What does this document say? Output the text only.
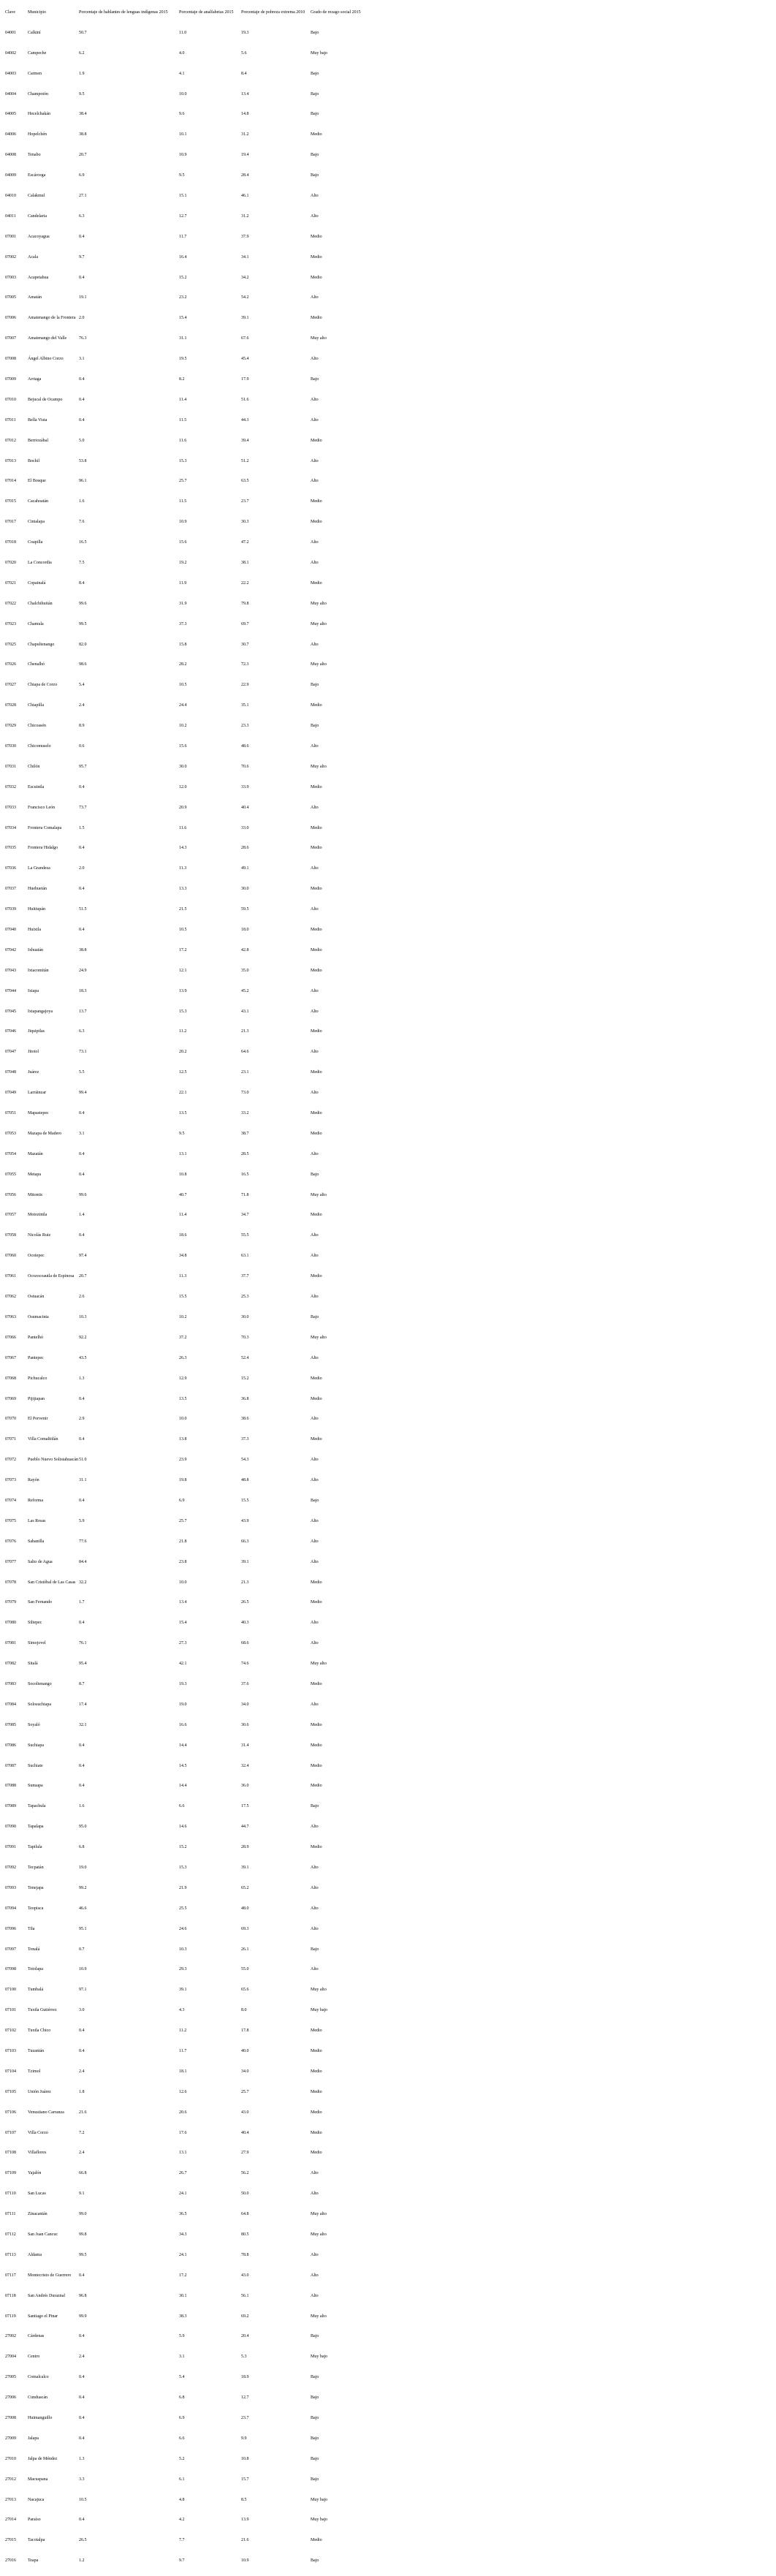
Clave	Municipio	Porcentaje de hablantes de lenguas indígenas 2015	Porcentaje de analfabetas 2015	Porcentaje de pobreza extrema 2010	Grado de rezago social 2015
04001	Calkiní	50.7	11.0	19.3	Bajo
04002	Campeche	6.2	4.0	5.6	Muy bajo
04003	Carmen	1.9	4.1	8.4	Bajo
04004	Champotón	9.5	10.0	13.4	Bajo
04005	Hecelchakán	38.4	9.6	14.8	Bajo
04006	Hopelchén	38.8	10.1	31.2	Medio
04008	Tenabo	20.7	10.9	19.4	Bajo
04009	Escárcega	6.9	9.5	28.4	Bajo
04010	Calakmul	27.1	15.1	46.1	Alto
04011	Candelaria	6.3	12.7	31.2	Alto
07001	Acacoyagua	0.4	11.7	37.9	Medio
07002	Acala	9.7	16.4	34.1	Medio
07003	Acapetahua	0.4	15.2	34.2	Medio
07005	Amatán	19.1	23.2	54.2	Alto
07006	Amatenango de la Frontera 2.0	15.4	39.1	Medio
07007	Amatenango del Valle	76.3	31.1	67.6	Muy alto
07008	Ángel Albino Corzo	3.1	19.5	45.4	Alto
07009	Arriaga	0.4	8.2	17.9	Bajo
07010	Bejucal de Ocampo	0.4	11.4	51.6	Alto
07011	Bella Vista	0.4	11.5	44.3	Alto
07012	Berriozábal	5.0	11.6	39.4	Medio
07013	Bochil	53.8	15.3	51.2	Alto
07014	El Bosque	96.1	25.7	63.5	Alto
07015	Cacahoatán	1.6	11.5	23.7	Medio
07017	Cintalapa	7.6	10.9	30.3	Medio
07018	Coapilla	16.5	15.6	47.2	Alto
07020	La Concordia	7.5	19.2	38.1	Alto
07021	Copainalá	8.4	11.9	22.2	Medio
07022	Chalchihuitán	99.6	31.9	79.8	Muy alto
07023	Chamula	99.5	37.3	69.7	Muy alto
07025	Chapultenango	82.0	15.8	30.7	Alto
07026	Chenalhó	98.6	28.2	72.3	Muy alto
07027	Chiapa de Corzo	5.4	10.5	22.9	Bajo
07028	Chiapilla	2.4	24.4	35.1	Medio
07029	Chicoasén	8.9	10.2	23.3	Bajo
07030	Chicomuselo	0.6	15.6	48.6	Alto
07031	Chilón	95.7	30.0	70.6	Muy alto
07032	Escuintla	0.4	12.0	33.9	Medio
07033	Francisco León	73.7	20.9	40.4	Alto
07034	Frontera Comalapa	1.5	11.6	33.0	Medio
07035	Frontera Hidalgo	0.4	14.3	28.6	Medio
07036	La Grandeza	2.0	11.3	49.1	Alto
07037	Huehuetán	0.4	13.3	30.0	Medio
07039	Huitiupán	51.5	21.5	59.5	Alto
07040	Huixtla	0.4	10.5	18.0	Medio
07042	Ixhuatán	38.8	17.2	42.8	Medio
07043	Ixtacomitán	24.9	12.1	35.0	Medio
07044	Ixtapa	18.3	13.9	45.2	Alto
07045	Ixtapangajoya	13.7	15.3	43.1	Alto
07046	Jiquipilas	6.3	11.2	21.3	Medio
07047	Jitotol	73.1	20.2	64.6	Alto
07048	Juárez	5.5	12.5	23.1	Medio
07049	Larráinzar	99.4	22.1	73.0	Alto
07051	Mapastepec	0.4	13.5	33.2	Medio
07053	Mazapa de Madero	3.1	9.5	38.7	Medio
07054	Mazatán	0.4	13.1	28.5	Alto
07055	Metapa	0.4	10.8	16.5	Bajo
07056	Mitontic	99.6	40.7	71.8	Muy alto
07057	Motozintla	1.4	11.4	34.7	Medio
07058	Nicolás Ruiz	0.4	18.6	55.5	Alto
07060	Ocotepec	97.4	34.8	63.1	Alto
07061	Ocozocoautla de Espinosa	20.7	11.3	37.7	Medio
07062	Ostuacán	2.6	15.5	25.3	Alto
07063	Osumacinta	10.3	10.2	30.0	Bajo
07066	Pantelhó	92.2	37.2	70.3	Muy alto
07067	Pantepec	43.5	26.3	52.4	Alto
07068	Pichucalco	1.3	12.9	15.2	Medio
07069	Pijijiapan	0.4	13.5	36.8	Medio
07070	El Porvenir	2.9	10.0	38.6	Alto
07071	Villa Comaltitlán	0.4	13.8	37.3	Medio
07072	Pueblo Nuevo Solistahuacán 51.0	23.9	54.3	Alto
07073	Rayón	31.1	19.8	48.8	Alto
07074	Reforma	0.4	6.9	15.5	Bajo
07075	Las Rosas	5.9	25.7	43.9	Alto
07076	Sabanilla	77.6	21.8	66.3	Alto
07077	Salto de Agua	84.4	23.8	39.1	Alto
07078	San Cristóbal de Las Casas 32.2	10.0	21.3	Medio
07079	San Fernando	1.7	13.4	26.5	Medio
07080	Siltepec	0.4	15.4	40.3	Alto
07081	Simojovel	76.1	27.3	68.6	Alto
07082	Sitalá	95.4	42.1	74.6	Muy alto
07083	Socoltenango	8.7	19.3	37.6	Medio
07084	Solosuchiapa	17.4	19.0	34.0	Alto
07085	Soyaló	32.1	16.6	30.6	Medio
07086	Suchiapa	0.4	14.4	31.4	Medio
07087	Suchiate	0.4	14.5	32.4	Medio
07088	Sunuapa	0.4	14.4	36.0	Medio
07089	Tapachula	1.6	6.6	17.5	Bajo
07090	Tapalapa	95.0	14.6	44.7	Alto
07091	Tapilula	6.8	15.2	28.9	Medio
07092	Tecpatán	19.0	15.3	39.1	Alto
07093	Tenejapa	99.2	21.9	65.2	Alto
07094	Teopisca	46.6	25.5	48.0	Alto
07096	Tila	95.1	24.6	69.3	Alto
07097	Tonalá	0.7	10.3	26.1	Bajo
07098	Totolapa	10.9	29.3	55.0	Alto
07100	Tumbalá	97.1	39.1	65.6	Muy alto
07101	Tuxtla Gutiérrez	3.0	4.3	8.0	Muy bajo
07102	Tuxtla Chico	0.4	11.2	17.8	Medio
07103	Tuzantán	0.4	11.7	40.0	Medio
07104	Tzimol	2.4	18.1	34.0	Medio
07105	Unión Juárez	1.8	12.6	25.7	Medio
07106	Venustiano Carranza	21.6	20.6	43.0	Medio
07107	Villa Corzo	7.2	17.6	40.4	Medio
07108	Villaflores	2.4	13.1	27.9	Medio
07109	Yajalón	66.8	26.7	56.2	Alto
07110	San Lucas	9.1	24.1	50.0	Alto
07111	Zinacantán	99.0	36.5	64.8	Muy alto
07112	San Juan Cancuc	99.8	34.3	80.5	Muy alto
07113	Aldama	99.5	24.1	78.8	Alto
07117	Montecristo de Guerrero	0.4	17.2	43.0	Alto
07118	San Andrés Duraznal	96.8	30.1	56.1	Alto
07119	Santiago el Pinar	99.9	38.3	69.2	Muy alto
27002	Cárdenas	0.4	5.9	20.4	Bajo
27004	Centro	2.4	3.1	5.3	Muy bajo
27005	Comalcalco	0.4	5.4	18.9	Bajo
27006	Cunduacán	0.4	6.8	12.7	Bajo
27008	Huimanguillo	0.4	6.9	23.7	Bajo
27009	Jalapa	0.4	6.6	9.9	Bajo
27010	Jalpa de Méndez	1.3	5.2	10.8	Bajo
27012	Macuspana	3.3	6.1	15.7	Bajo
27013	Nacajuca	10.5	4.8	8.5	Muy bajo
27014	Paraíso	0.4	4.2	13.9	Muy bajo
27015	Tacotalpa	26.5	7.7	21.6	Medio
27016	Teapa	1.2	9.7	10.9	Bajo
